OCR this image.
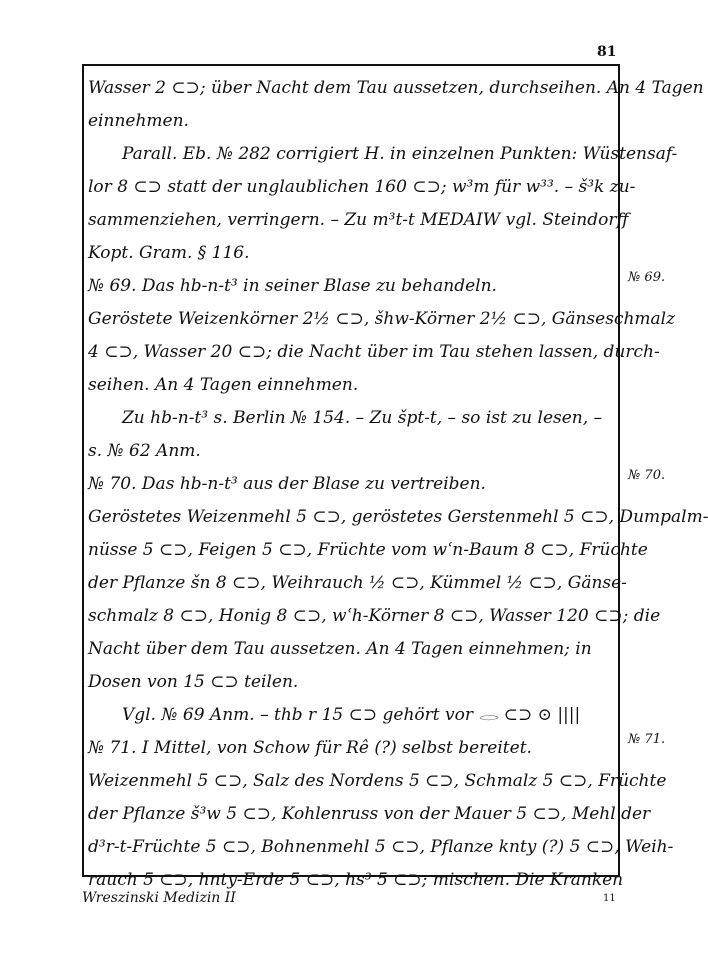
81
Wasser 2 ⊂⊃; über Nacht dem Tau aussetzen, durchseihen. An 4 Tagen
einnehmen.
Parall. Eb. № 282 corrigiert H. in einzelnen Punkten: Wüstensaf-
lor 8 ⊂⊃ statt der unglaublichen 160 ⊂⊃; w³m für w³³. – š³k zu-
sammenziehen, verringern. – Zu m³t-t MEDAIW vgl. Steindorff
Kopt. Gram. § 116.
№ 69. Das hb-n-t³ in seiner Blase zu behandeln.
Geröstete Weizenkörner 2½ ⊂⊃, šhw-Körner 2½ ⊂⊃, Gänseschmalz
4 ⊂⊃, Wasser 20 ⊂⊃; die Nacht über im Tau stehen lassen, durch-
seihen. An 4 Tagen einnehmen.
Zu hb-n-t³ s. Berlin № 154. – Zu špt-t, – so ist zu lesen, –
s. № 62 Anm.
№ 70. Das hb-n-t³ aus der Blase zu vertreiben.
Geröstetes Weizenmehl 5 ⊂⊃, geröstetes Gerstenmehl 5 ⊂⊃, Dumpalm-
nüsse 5 ⊂⊃, Feigen 5 ⊂⊃, Früchte vom wʿn-Baum 8 ⊂⊃, Früchte
der Pflanze šn 8 ⊂⊃, Weihrauch ½ ⊂⊃, Kümmel ½ ⊂⊃, Gänse-
schmalz 8 ⊂⊃, Honig 8 ⊂⊃, wʿh-Körner 8 ⊂⊃, Wasser 120 ⊂⊃; die
Nacht über dem Tau aussetzen. An 4 Tagen einnehmen; in
Dosen von 15 ⊂⊃ teilen.
Vgl. № 69 Anm. – thb r 15 ⊂⊃ gehört vor 𓂋 ⊂⊃ ⊙ ||||
№ 71. I Mittel, von Schow für Rê (?) selbst bereitet.
Weizenmehl 5 ⊂⊃, Salz des Nordens 5 ⊂⊃, Schmalz 5 ⊂⊃, Früchte
der Pflanze š³w 5 ⊂⊃, Kohlenruss von der Mauer 5 ⊂⊃, Mehl der
d³r-t-Früchte 5 ⊂⊃, Bohnenmehl 5 ⊂⊃, Pflanze knty (?) 5 ⊂⊃, Weih-
rauch 5 ⊂⊃, hnty-Erde 5 ⊂⊃, hs³ 5 ⊂⊃; mischen. Die Kranken
№ 69.
№ 70.
№ 71.
Wreszinski Medizin II	11
